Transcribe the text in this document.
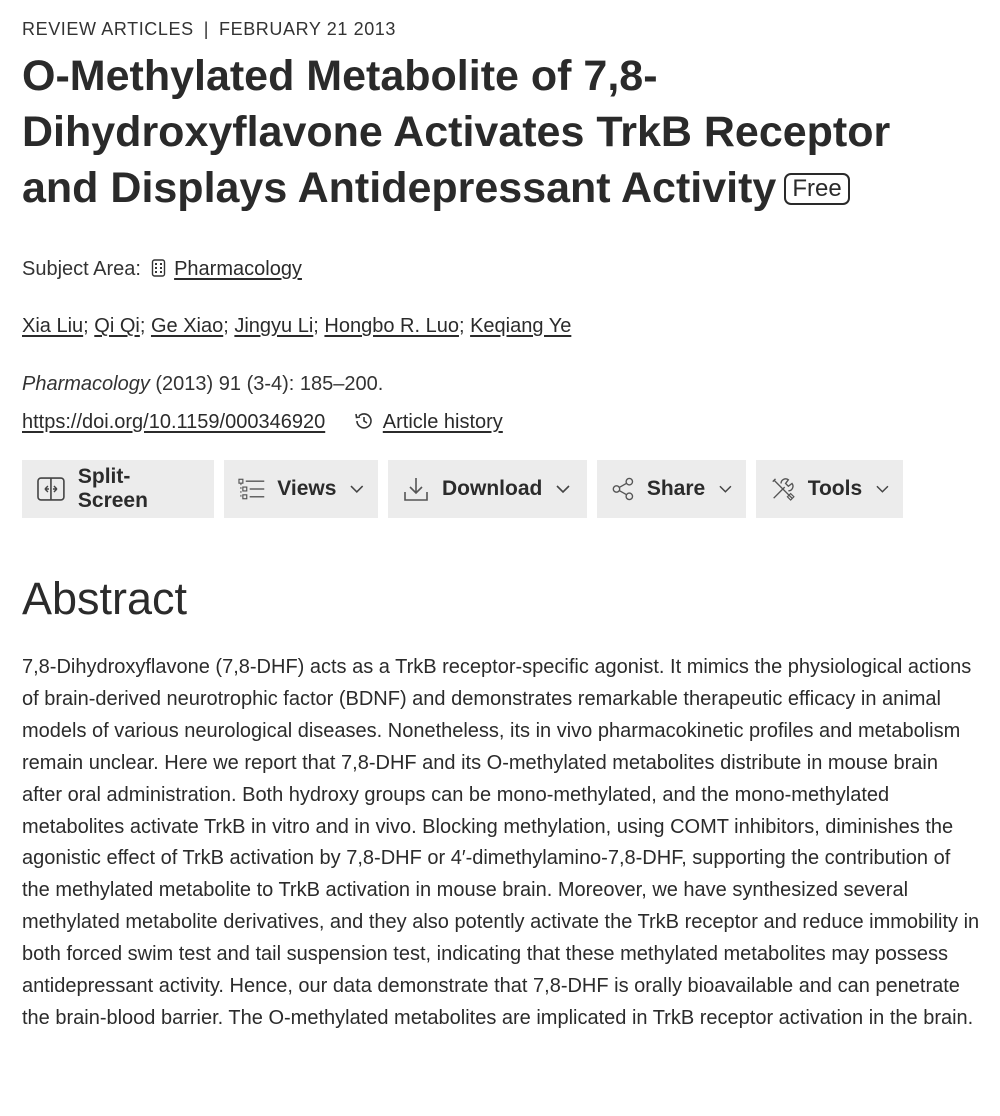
REVIEW ARTICLES | FEBRUARY 21 2013
O-Methylated Metabolite of 7,8-Dihydroxyflavone Activates TrkB Receptor and Displays Antidepressant Activity Free
Subject Area: Pharmacology
Xia Liu; Qi Qi; Ge Xiao; Jingyu Li; Hongbo R. Luo; Keqiang Ye
Pharmacology (2013) 91 (3-4): 185–200.
https://doi.org/10.1159/000346920	Article history
Split-Screen
Views	Download	Share	Tools
Abstract

7,8-Dihydroxyflavone (7,8-DHF) acts as a TrkB receptor-specific agonist. It mimics the physiological actions of brain-derived neurotrophic factor (BDNF) and demonstrates remarkable therapeutic efficacy in animal models of various neurological diseases. Nonetheless, its in vivo pharmacokinetic profiles and metabolism remain unclear. Here we report that 7,8-DHF and its O-methylated metabolites distribute in mouse brain after oral administration. Both hydroxy groups can be mono-methylated, and the mono-methylated metabolites activate TrkB in vitro and in vivo. Blocking methylation, using COMT inhibitors, diminishes the agonistic effect of TrkB activation by 7,8-DHF or 4′-dimethylamino-7,8-DHF, supporting the contribution of the methylated metabolite to TrkB activation in mouse brain. Moreover, we have synthesized several methylated metabolite derivatives, and they also potently activate the TrkB receptor and reduce immobility in both forced swim test and tail suspension test, indicating that these methylated metabolites may possess antidepressant activity. Hence, our data demonstrate that 7,8-DHF is orally bioavailable and can penetrate the brain-blood barrier. The O-methylated metabolites are implicated in TrkB receptor activation in the brain.
